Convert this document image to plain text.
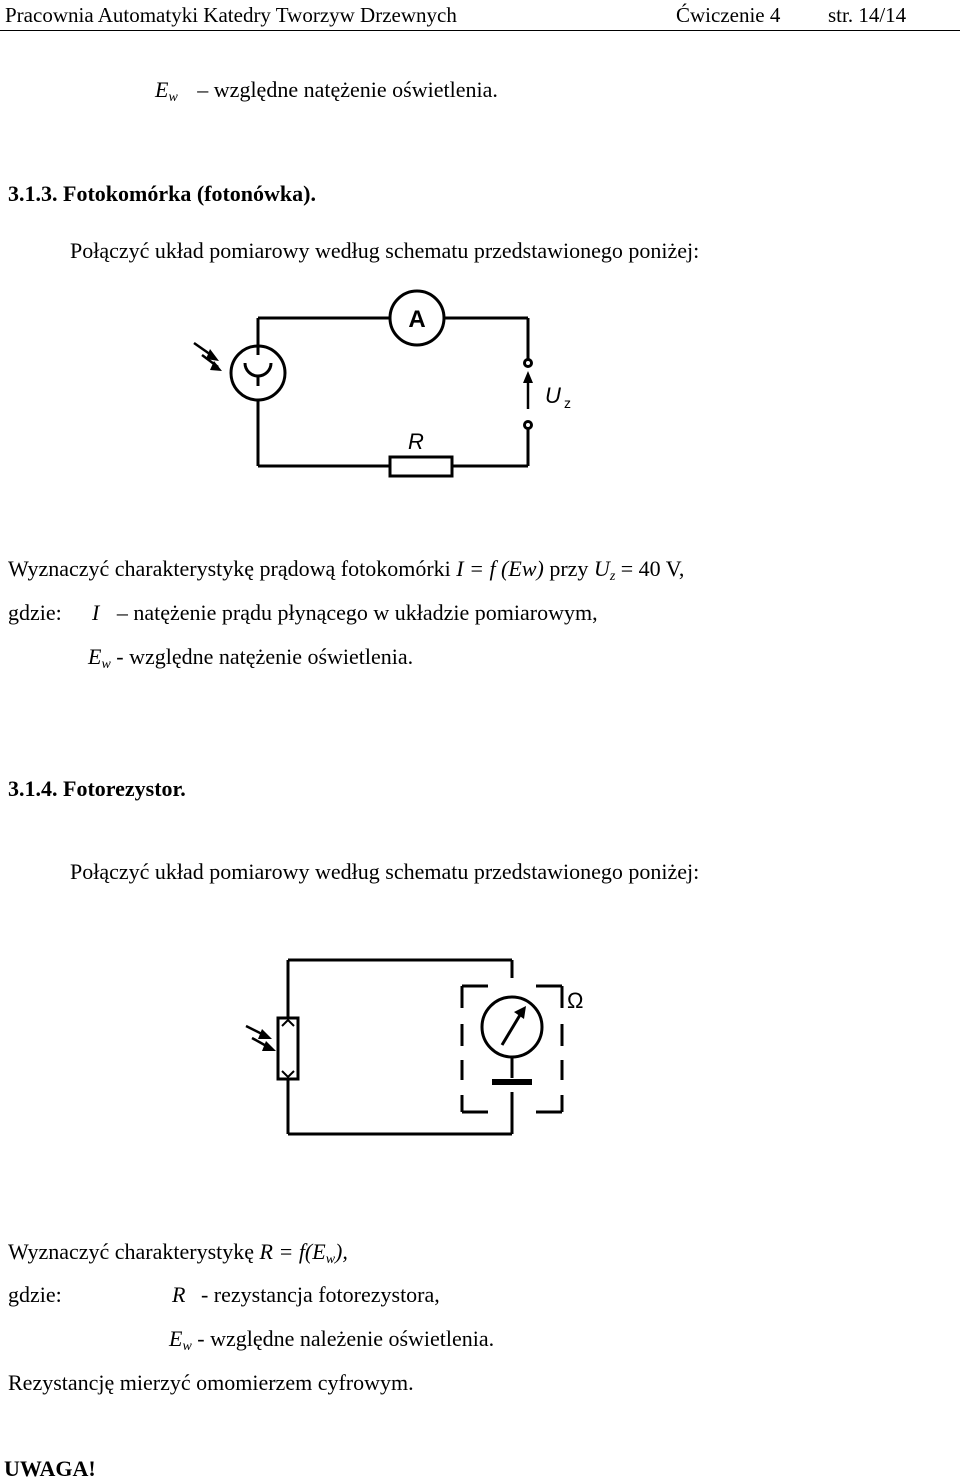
Pracownia Automatyki Katedry Tworzyw Drzewnych	Ćwiczenie 4 str. 14/14
$E_w$ – względne natężenie oświetlenia.
3.1.3. Fotokomórka (fotonówka).
Połączyć układ pomiarowy według schematu przedstawionego poniżej:
A
R
U z
Wyznaczyć charakterystykę prądową fotokomórki I = f (Ew) przy $U_z = 40$ V,
gdzie: I – natężenie prądu płynącego w układzie pomiarowym,
$E_w$ - względne natężenie oświetlenia.
3.1.4. Fotorezystor.
Połączyć układ pomiarowy według schematu przedstawionego poniżej:
Ω
Wyznaczyć charakterystykę $R = f(E_w)$,
gdzie:	R - rezystancja fotorezystora,
$E_w$ - względne należenie oświetlenia.
Rezystancję mierzyć omomierzem cyfrowym.
UWAGA!
